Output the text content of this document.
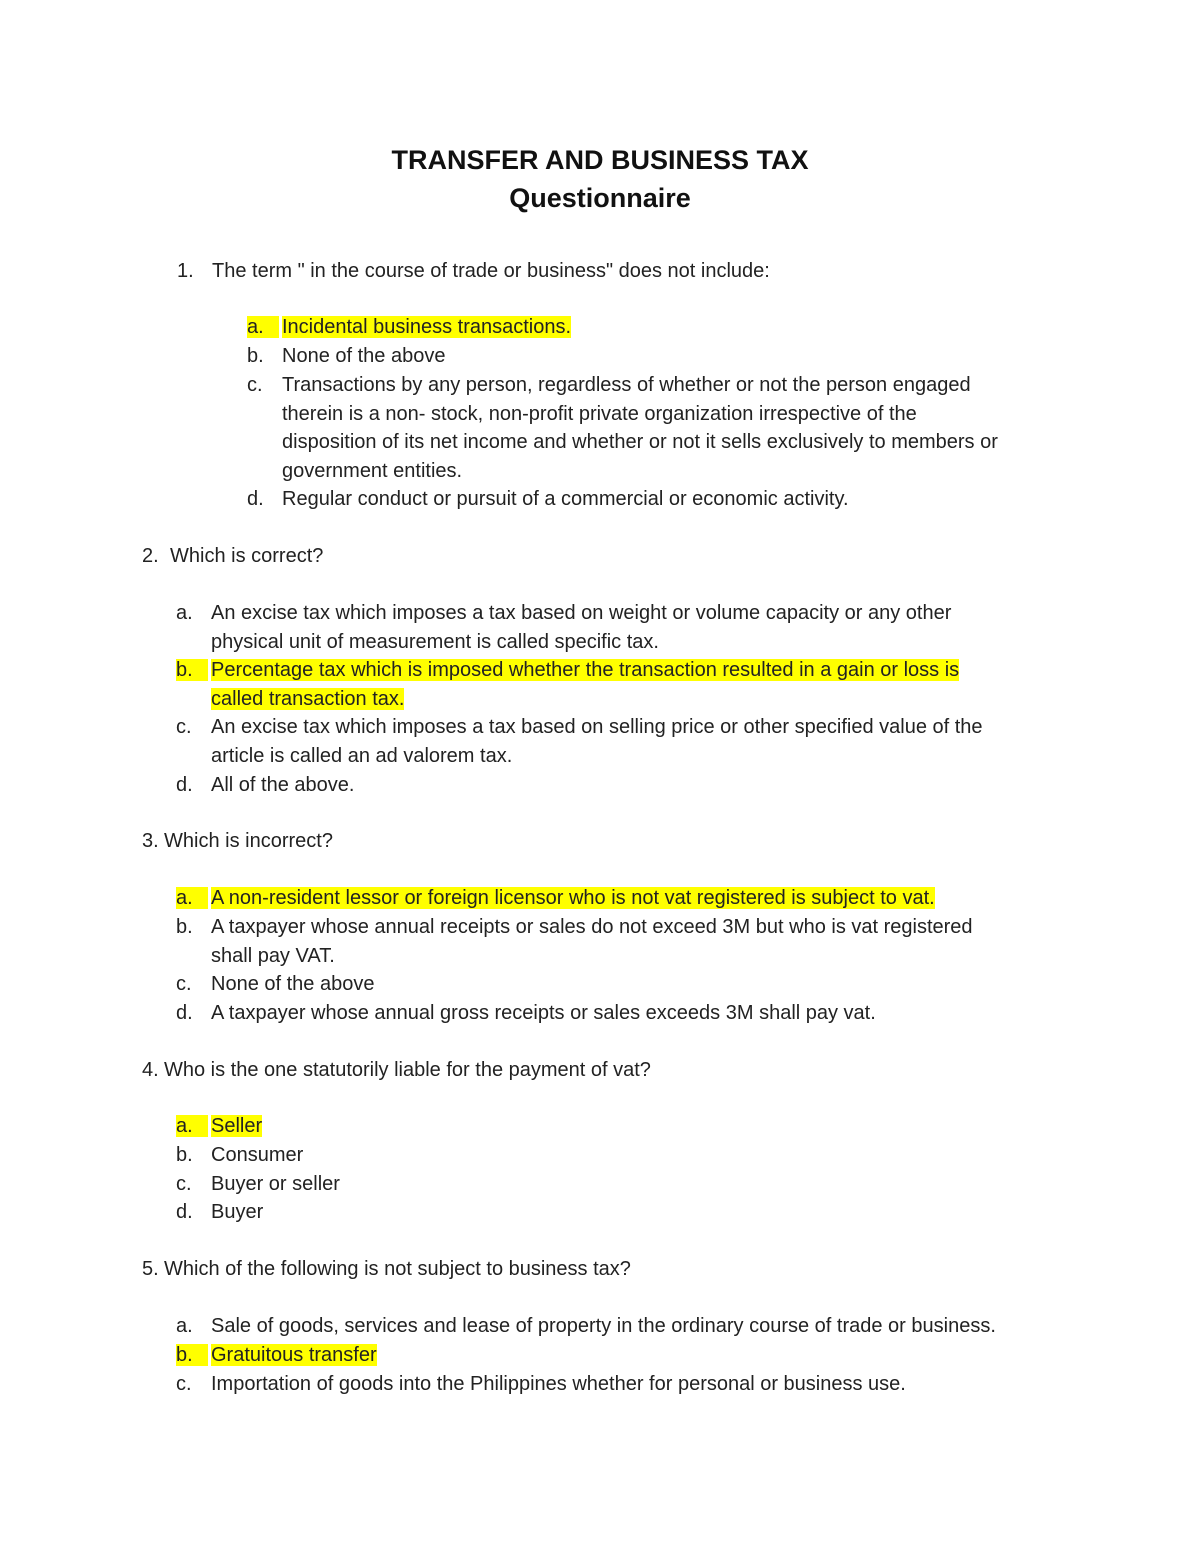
TRANSFER AND BUSINESS TAX
Questionnaire
1. The term " in the course of trade or business" does not include:
a. Incidental business transactions.
b. None of the above
c. Transactions by any person, regardless of whether or not the person engaged
therein is a non- stock, non-profit private organization irrespective of the
disposition of its net income and whether or not it sells exclusively to members or
government entities.
d. Regular conduct or pursuit of a commercial or economic activity.
2. Which is correct?
a. An excise tax which imposes a tax based on weight or volume capacity or any other
physical unit of measurement is called specific tax.
b. Percentage tax which is imposed whether the transaction resulted in a gain or loss is
called transaction tax.
c. An excise tax which imposes a tax based on selling price or other specified value of the
article is called an ad valorem tax.
d. All of the above.
3. Which is incorrect?
a. A non-resident lessor or foreign licensor who is not vat registered is subject to vat.
b. A taxpayer whose annual receipts or sales do not exceed 3M but who is vat registered
shall pay VAT.
c. None of the above
d. A taxpayer whose annual gross receipts or sales exceeds 3M shall pay vat.
4. Who is the one statutorily liable for the payment of vat?
a. Seller
b. Consumer
c. Buyer or seller
d. Buyer
5. Which of the following is not subject to business tax?
a. Sale of goods, services and lease of property in the ordinary course of trade or business.
b. Gratuitous transfer
c. Importation of goods into the Philippines whether for personal or business use.
